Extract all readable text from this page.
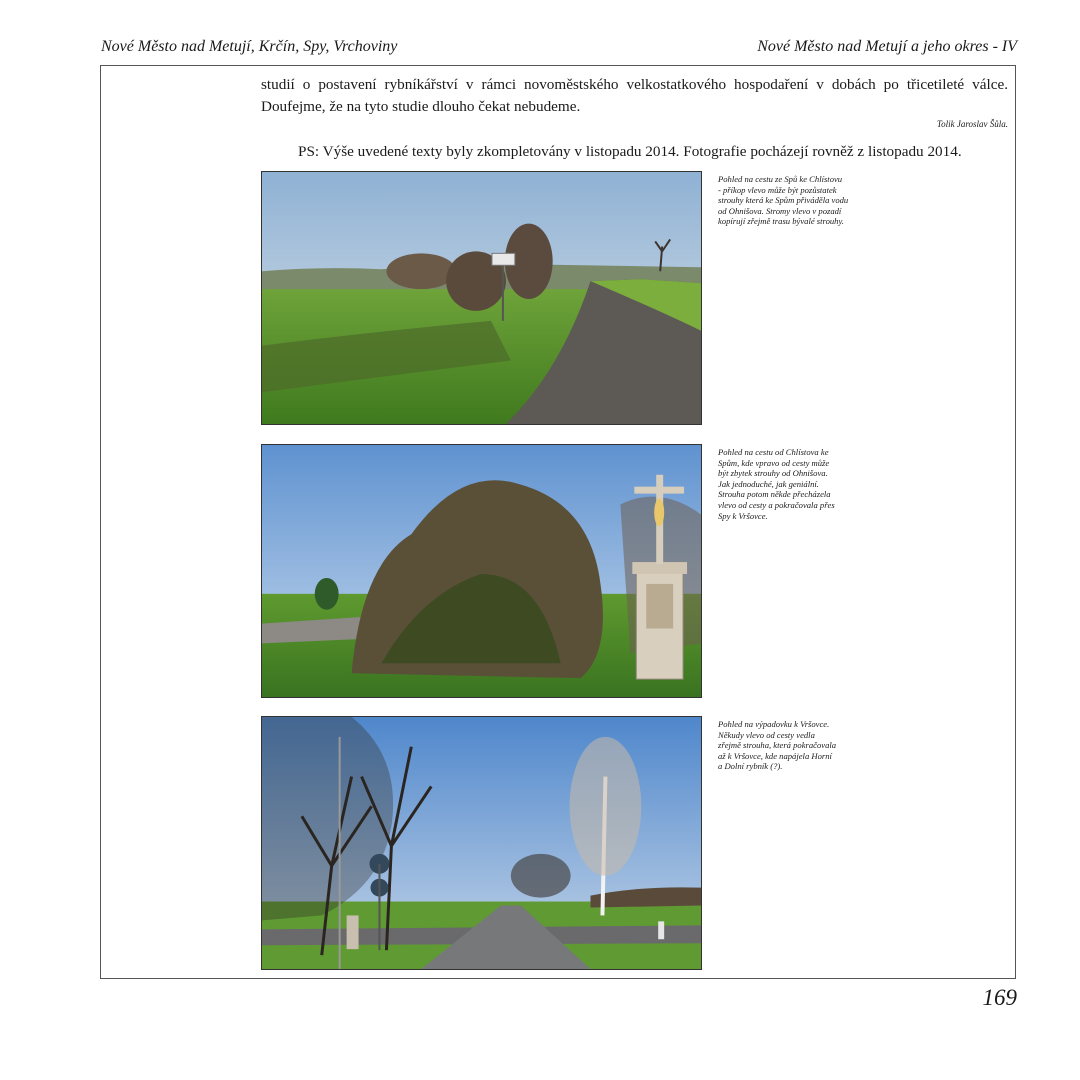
Nové Město nad Metují, Krčín, Spy, Vrchoviny	Nové Město nad Metují a jeho okres - IV

studií o postavení rybníkářství v rámci novoměstského velkostatkového hospodaření v dobách po třicetileté válce. Doufejme, že na tyto studie dlouho čekat nebudeme.

Tolik Jaroslav Šůla.

PS: Výše uvedené texty byly zkompletovány v listopadu 2014. Fotografie pocházejí rovněž z listopadu 2014.

Pohled na cestu ze Spů ke Chlístovu
- příkop vlevo může být pozůstatek
strouhy která ke Spům přiváděla vodu
od Ohnišova. Stromy vlevo v pozadí
kopírují zřejmě trasu bývalé strouhy.
Pohled na cestu od Chlístova ke
Spům, kde vpravo od cesty může
být zbytek strouhy od Ohnišova.
Jak jednoduché, jak geniální.
Strouha potom někde přecházela
vlevo od cesty a pokračovala přes
Spy k Vršovce.
Pohled na výpadovku k Vršovce.
Někudy vlevo od cesty vedla
zřejmě strouha, která pokračovala
až k Vršovce, kde napájela Horní
a Dolní rybník (?).
169
